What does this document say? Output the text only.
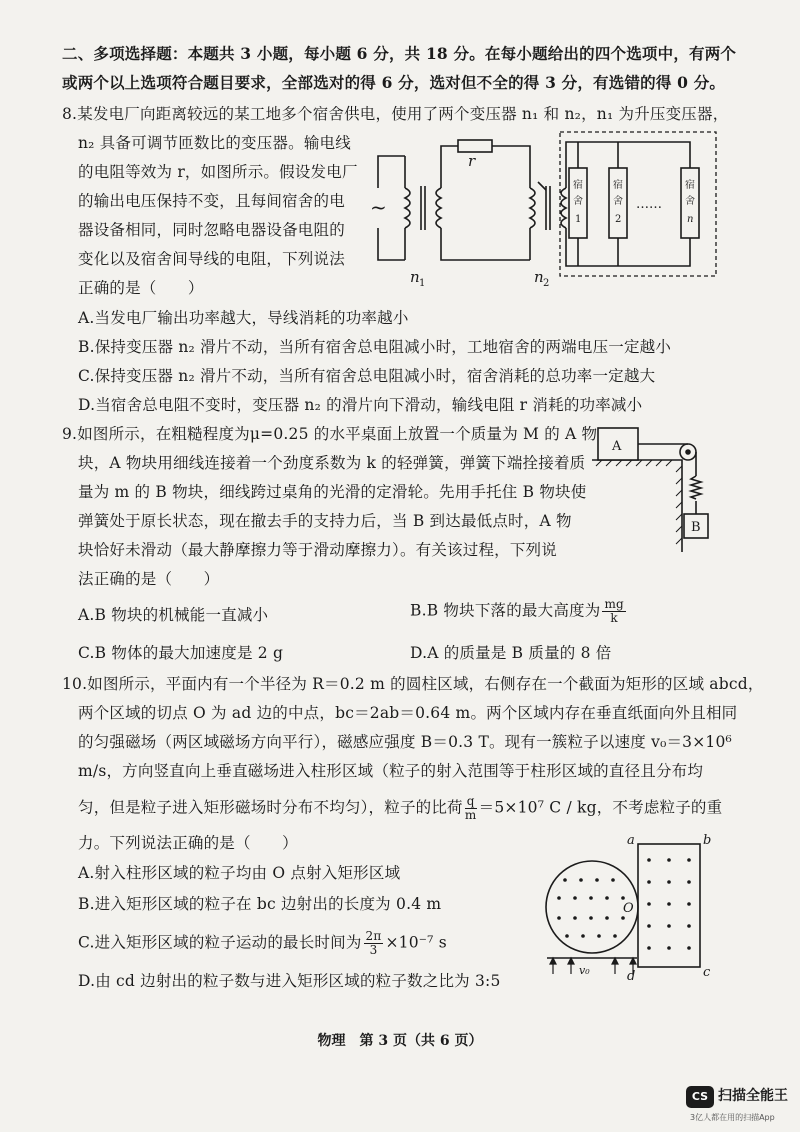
二、多项选择题：本题共 3 小题，每小题 6 分，共 18 分。在每小题给出的四个选项中，有两个
或两个以上选项符合题目要求，全部选对的得 6 分，选对但不全的得 3 分，有选错的得 0 分。
8.某发电厂向距离较远的某工地多个宿舍供电，使用了两个变压器 n₁ 和 n₂，n₁ 为升压变压器，
n₂ 具备可调节匝数比的变压器。输电线
的电阻等效为 r，如图所示。假设发电厂
的输出电压保持不变，且每间宿舍的电
器设备相同，同时忽略电器设备电阻的
变化以及宿舍间导线的电阻，下列说法
正确的是（　　）
~
r
n 1	n 2
宿
舍
1
宿
舍
2
宿
舍
n
……
A.当发电厂输出功率越大，导线消耗的功率越小
B.保持变压器 n₂ 滑片不动，当所有宿舍总电阻减小时，工地宿舍的两端电压一定越小
C.保持变压器 n₂ 滑片不动，当所有宿舍总电阻减小时，宿舍消耗的总功率一定越大
D.当宿舍总电阻不变时，变压器 n₂ 的滑片向下滑动，输线电阻 r 消耗的功率减小
9.如图所示，在粗糙程度为μ=0.25 的水平桌面上放置一个质量为 M 的 A 物
块，A 物块用细线连接着一个劲度系数为 k 的轻弹簧，弹簧下端拴接着质
量为 m 的 B 物块，细线跨过桌角的光滑的定滑轮。先用手托住 B 物块使
弹簧处于原长状态，现在撤去手的支持力后，当 B 到达最低点时，A 物
块恰好未滑动（最大静摩擦力等于滑动摩擦力）。有关该过程，下列说
法正确的是（　　）
A
B
A.B 物块的机械能一直减小	B.B 物块下落的最大高度为 $\frac{mg}{k}$
C.B 物体的最大加速度是 2 g	D.A 的质量是 B 质量的 8 倍
10.如图所示，平面内有一个半径为 R＝0.2 m 的圆柱区域，右侧存在一个截面为矩形的区域 abcd，
两个区域的切点 O 为 ad 边的中点，bc＝2ab＝0.64 m。两个区域内存在垂直纸面向外且相同
的匀强磁场（两区域磁场方向平行），磁感应强度 B＝0.3 T。现有一簇粒子以速度 v₀＝3×10⁶
m/s，方向竖直向上垂直磁场进入柱形区域（粒子的射入范围等于柱形区域的直径且分布均
匀，但是粒子进入矩形磁场时分布不均匀），粒子的比荷 $\frac{q}{m} =5\times 10^7$ C / kg，不考虑粒子的重
力。下列说法正确的是（　　）
A.射入柱形区域的粒子均由 O 点射入矩形区域
B.进入矩形区域的粒子在 bc 边射出的长度为 0.4 m
C.进入矩形区域的粒子运动的最长时间为 $\frac{2\pi}{3} \times 10^{-7}$ s
D.由 cd 边射出的粒子数与进入矩形区域的粒子数之比为 3:5
a	b
c
d
O
v₀
物理　第 3 页（共 6 页）
CS 扫描全能王
3亿人都在用的扫描App
